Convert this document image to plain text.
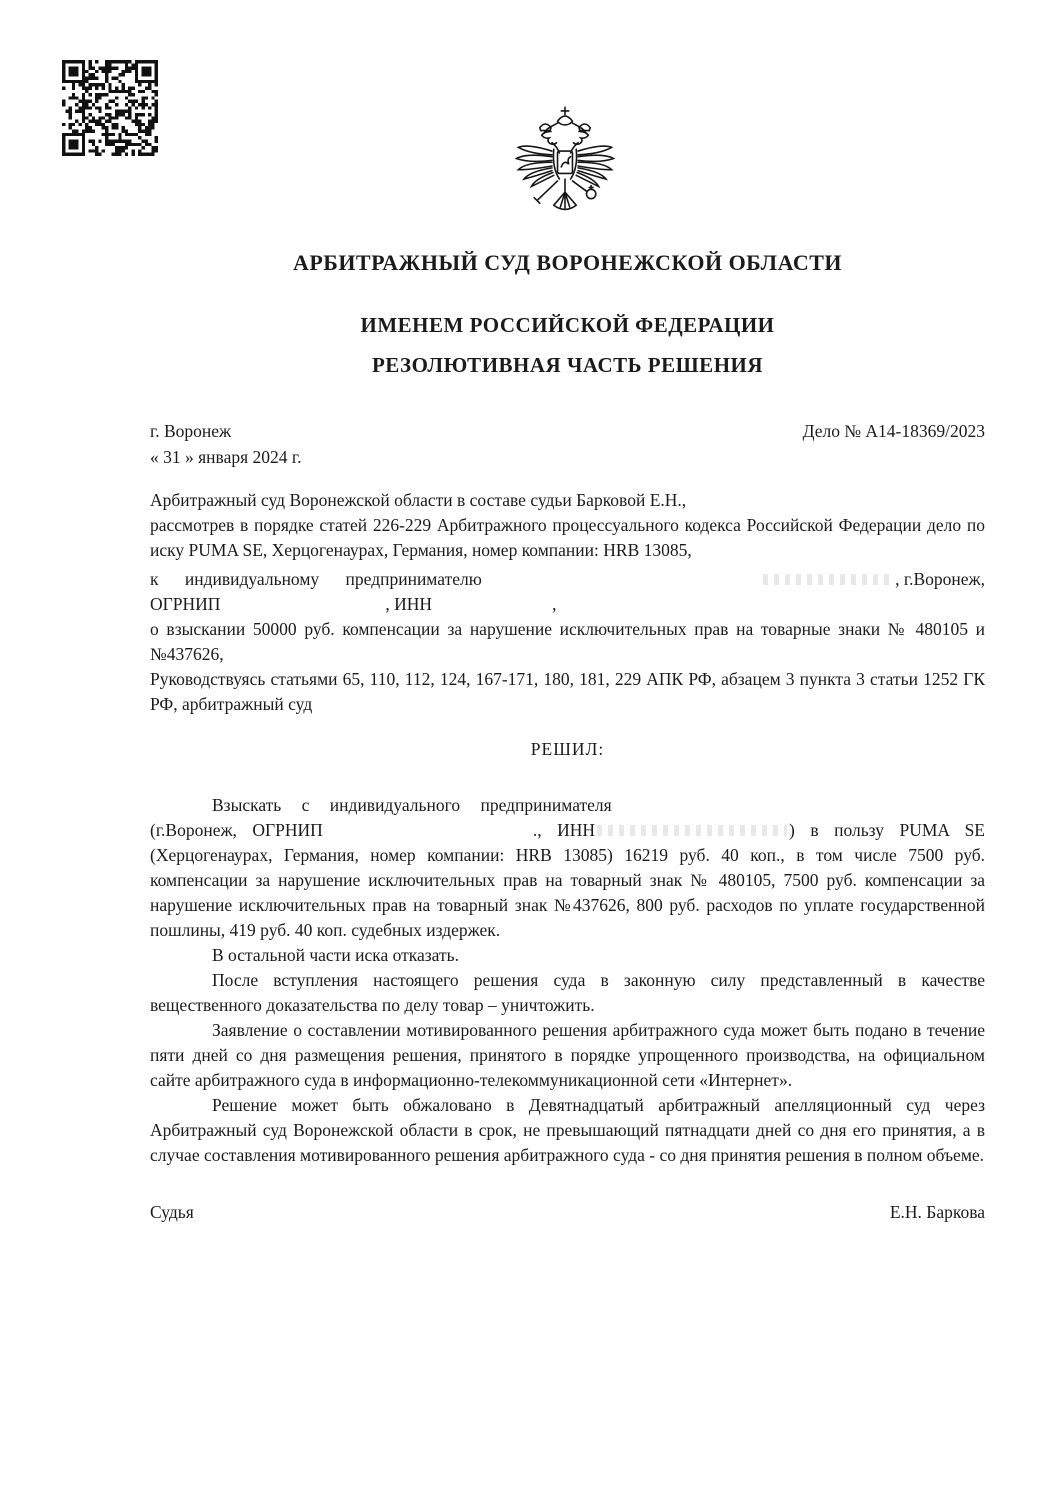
АРБИТРАЖНЫЙ СУД ВОРОНЕЖСКОЙ ОБЛАСТИ
ИМЕНЕМ РОССИЙСКОЙ ФЕДЕРАЦИИ
РЕЗОЛЮТИВНАЯ ЧАСТЬ РЕШЕНИЯ
г. Воронеж	Дело № А14-18369/2023
« 31 » января 2024 г.
Арбитражный суд Воронежской области в составе судьи Барковой Е.Н.,
рассмотрев в порядке статей 226-229 Арбитражного процессуального кодекса Российской Федерации дело по иску PUMA SE, Херцогенаурах, Германия, номер компании: HRB 13085,
к индивидуальному предпринимателю	, г.Воронеж,
ОГРНИП	, ИНН	,
о взыскании 50000 руб. компенсации за нарушение исключительных прав на товарные знаки № 480105 и №437626,
Руководствуясь статьями 65, 110, 112, 124, 167-171, 180, 181, 229 АПК РФ, абзацем 3 пункта 3 статьи 1252 ГК РФ, арбитражный суд
РЕШИЛ:
Взыскать с индивидуального предпринимателя
(г.Воронеж, ОГРНИП	., ИНН	) в пользу PUMA SE (Херцогенаурах, Германия, номер компании: HRB 13085) 16219 руб. 40 коп., в том числе 7500 руб. компенсации за нарушение исключительных прав на товарный знак № 480105, 7500 руб. компенсации за нарушение исключительных прав на товарный знак №437626, 800 руб. расходов по уплате государственной пошлины, 419 руб. 40 коп. судебных издержек.
В остальной части иска отказать.
После вступления настоящего решения суда в законную силу представленный в качестве вещественного доказательства по делу товар – уничтожить.
Заявление о составлении мотивированного решения арбитражного суда может быть подано в течение пяти дней со дня размещения решения, принятого в порядке упрощенного производства, на официальном сайте арбитражного суда в информационно-телекоммуникационной сети «Интернет».
Решение может быть обжаловано в Девятнадцатый арбитражный апелляционный суд через Арбитражный суд Воронежской области в срок, не превышающий пятнадцати дней со дня его принятия, а в случае составления мотивированного решения арбитражного суда - со дня принятия решения в полном объеме.
Судья	Е.Н. Баркова
